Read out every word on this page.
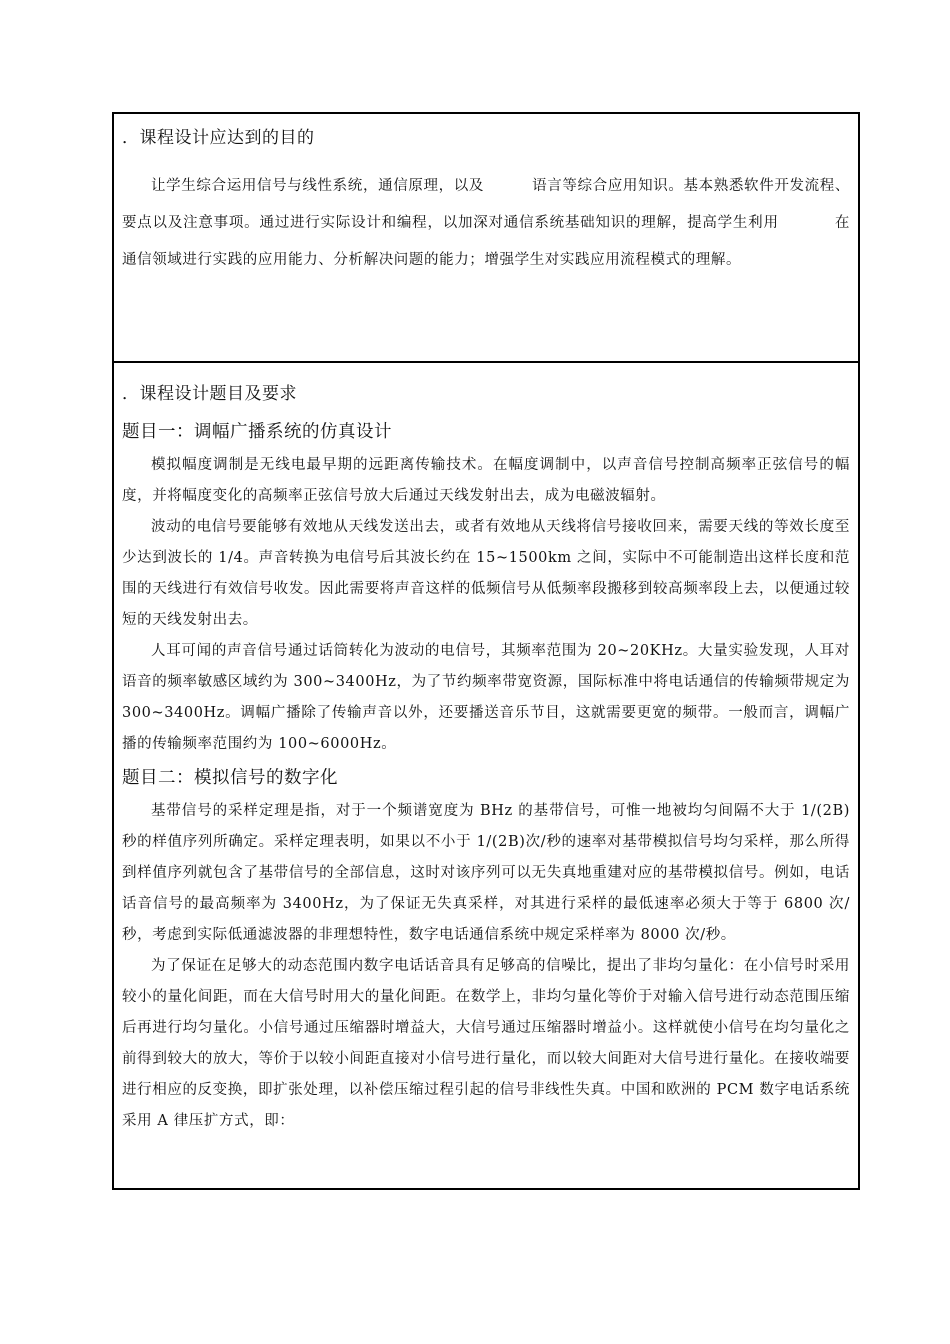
．课程设计应达到的目的

让学生综合运用信号与线性系统，通信原理，以及	语言等综合应用知识。基本熟悉软件开发流程、要点以及注意事项。通过进行实际设计和编程，以加深对通信系统基础知识的理解，提高学生利用	在通信领域进行实践的应用能力、分析解决问题的能力；增强学生对实践应用流程模式的理解。

．课程设计题目及要求
题目一：调幅广播系统的仿真设计

模拟幅度调制是无线电最早期的远距离传输技术。在幅度调制中，以声音信号控制高频率正弦信号的幅度，并将幅度变化的高频率正弦信号放大后通过天线发射出去，成为电磁波辐射。

波动的电信号要能够有效地从天线发送出去，或者有效地从天线将信号接收回来，需要天线的等效长度至少达到波长的 1/4。声音转换为电信号后其波长约在 15~1500km 之间，实际中不可能制造出这样长度和范围的天线进行有效信号收发。因此需要将声音这样的低频信号从低频率段搬移到较高频率段上去，以便通过较短的天线发射出去。

人耳可闻的声音信号通过话筒转化为波动的电信号，其频率范围为 20~20KHz。大量实验发现，人耳对语音的频率敏感区域约为 300~3400Hz，为了节约频率带宽资源，国际标准中将电话通信的传输频带规定为 300~3400Hz。调幅广播除了传输声音以外，还要播送音乐节目，这就需要更宽的频带。一般而言，调幅广播的传输频率范围约为 100~6000Hz。

题目二：模拟信号的数字化

基带信号的采样定理是指，对于一个频谱宽度为 BHz 的基带信号，可惟一地被均匀间隔不大于 1/(2B)秒的样值序列所确定。采样定理表明，如果以不小于 1/(2B)次/秒的速率对基带模拟信号均匀采样，那么所得到样值序列就包含了基带信号的全部信息，这时对该序列可以无失真地重建对应的基带模拟信号。例如，电话话音信号的最高频率为 3400Hz，为了保证无失真采样，对其进行采样的最低速率必须大于等于 6800 次/秒，考虑到实际低通滤波器的非理想特性，数字电话通信系统中规定采样率为 8000 次/秒。

为了保证在足够大的动态范围内数字电话话音具有足够高的信噪比，提出了非均匀量化：在小信号时采用较小的量化间距，而在大信号时用大的量化间距。在数学上，非均匀量化等价于对输入信号进行动态范围压缩后再进行均匀量化。小信号通过压缩器时增益大，大信号通过压缩器时增益小。这样就使小信号在均匀量化之前得到较大的放大，等价于以较小间距直接对小信号进行量化，而以较大间距对大信号进行量化。在接收端要进行相应的反变换，即扩张处理，以补偿压缩过程引起的信号非线性失真。中国和欧洲的 PCM 数字电话系统采用 A 律压扩方式，即：
